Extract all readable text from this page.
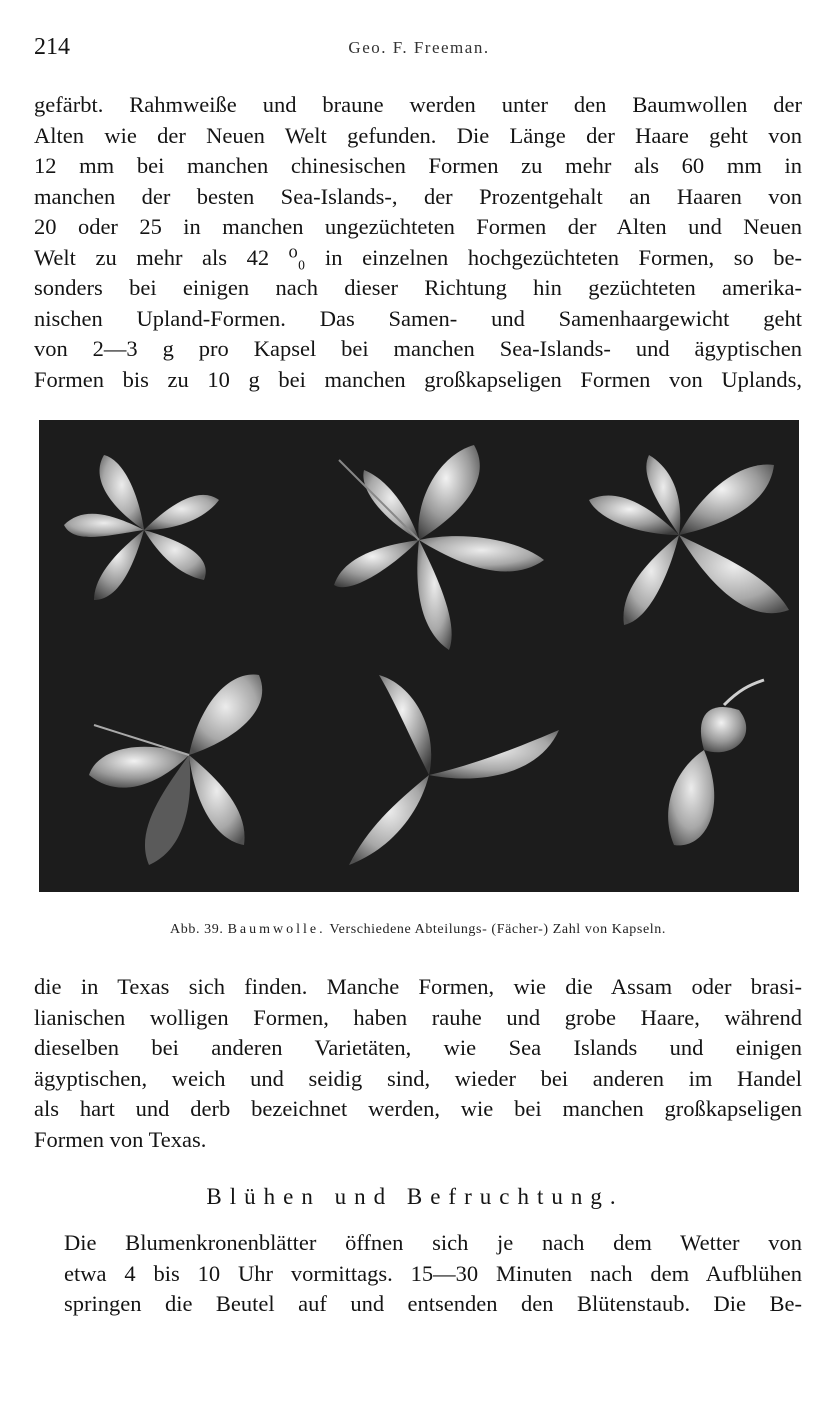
214	Geo. F. Freeman.
gefärbt. Rahmweiße und braune werden unter den Baumwollen der
Alten wie der Neuen Welt gefunden. Die Länge der Haare geht von
12 mm bei manchen chinesischen Formen zu mehr als 60 mm in
manchen der besten Sea-Islands-, der Prozentgehalt an Haaren von
20 oder 25 in manchen ungezüchteten Formen der Alten und Neuen
Welt zu mehr als 42 ⁰₀ in einzelnen hochgezüchteten Formen, so be-
sonders bei einigen nach dieser Richtung hin gezüchteten amerika-
nischen Upland-Formen. Das Samen- und Samenhaargewicht geht
von 2—3 g pro Kapsel bei manchen Sea-Islands- und ägyptischen
Formen bis zu 10 g bei manchen großkapseligen Formen von Uplands,
Abb. 39. Baumwolle. Verschiedene Abteilungs- (Fächer-) Zahl von Kapseln.
die in Texas sich finden. Manche Formen, wie die Assam oder brasi-
lianischen wolligen Formen, haben rauhe und grobe Haare, während
dieselben bei anderen Varietäten, wie Sea Islands und einigen
ägyptischen, weich und seidig sind, wieder bei anderen im Handel
als hart und derb bezeichnet werden, wie bei manchen großkapseligen
Formen von Texas.
Blühen und Befruchtung.
Die Blumenkronenblätter öffnen sich je nach dem Wetter von
etwa 4 bis 10 Uhr vormittags. 15—30 Minuten nach dem Aufblühen
springen die Beutel auf und entsenden den Blütenstaub. Die Be-
